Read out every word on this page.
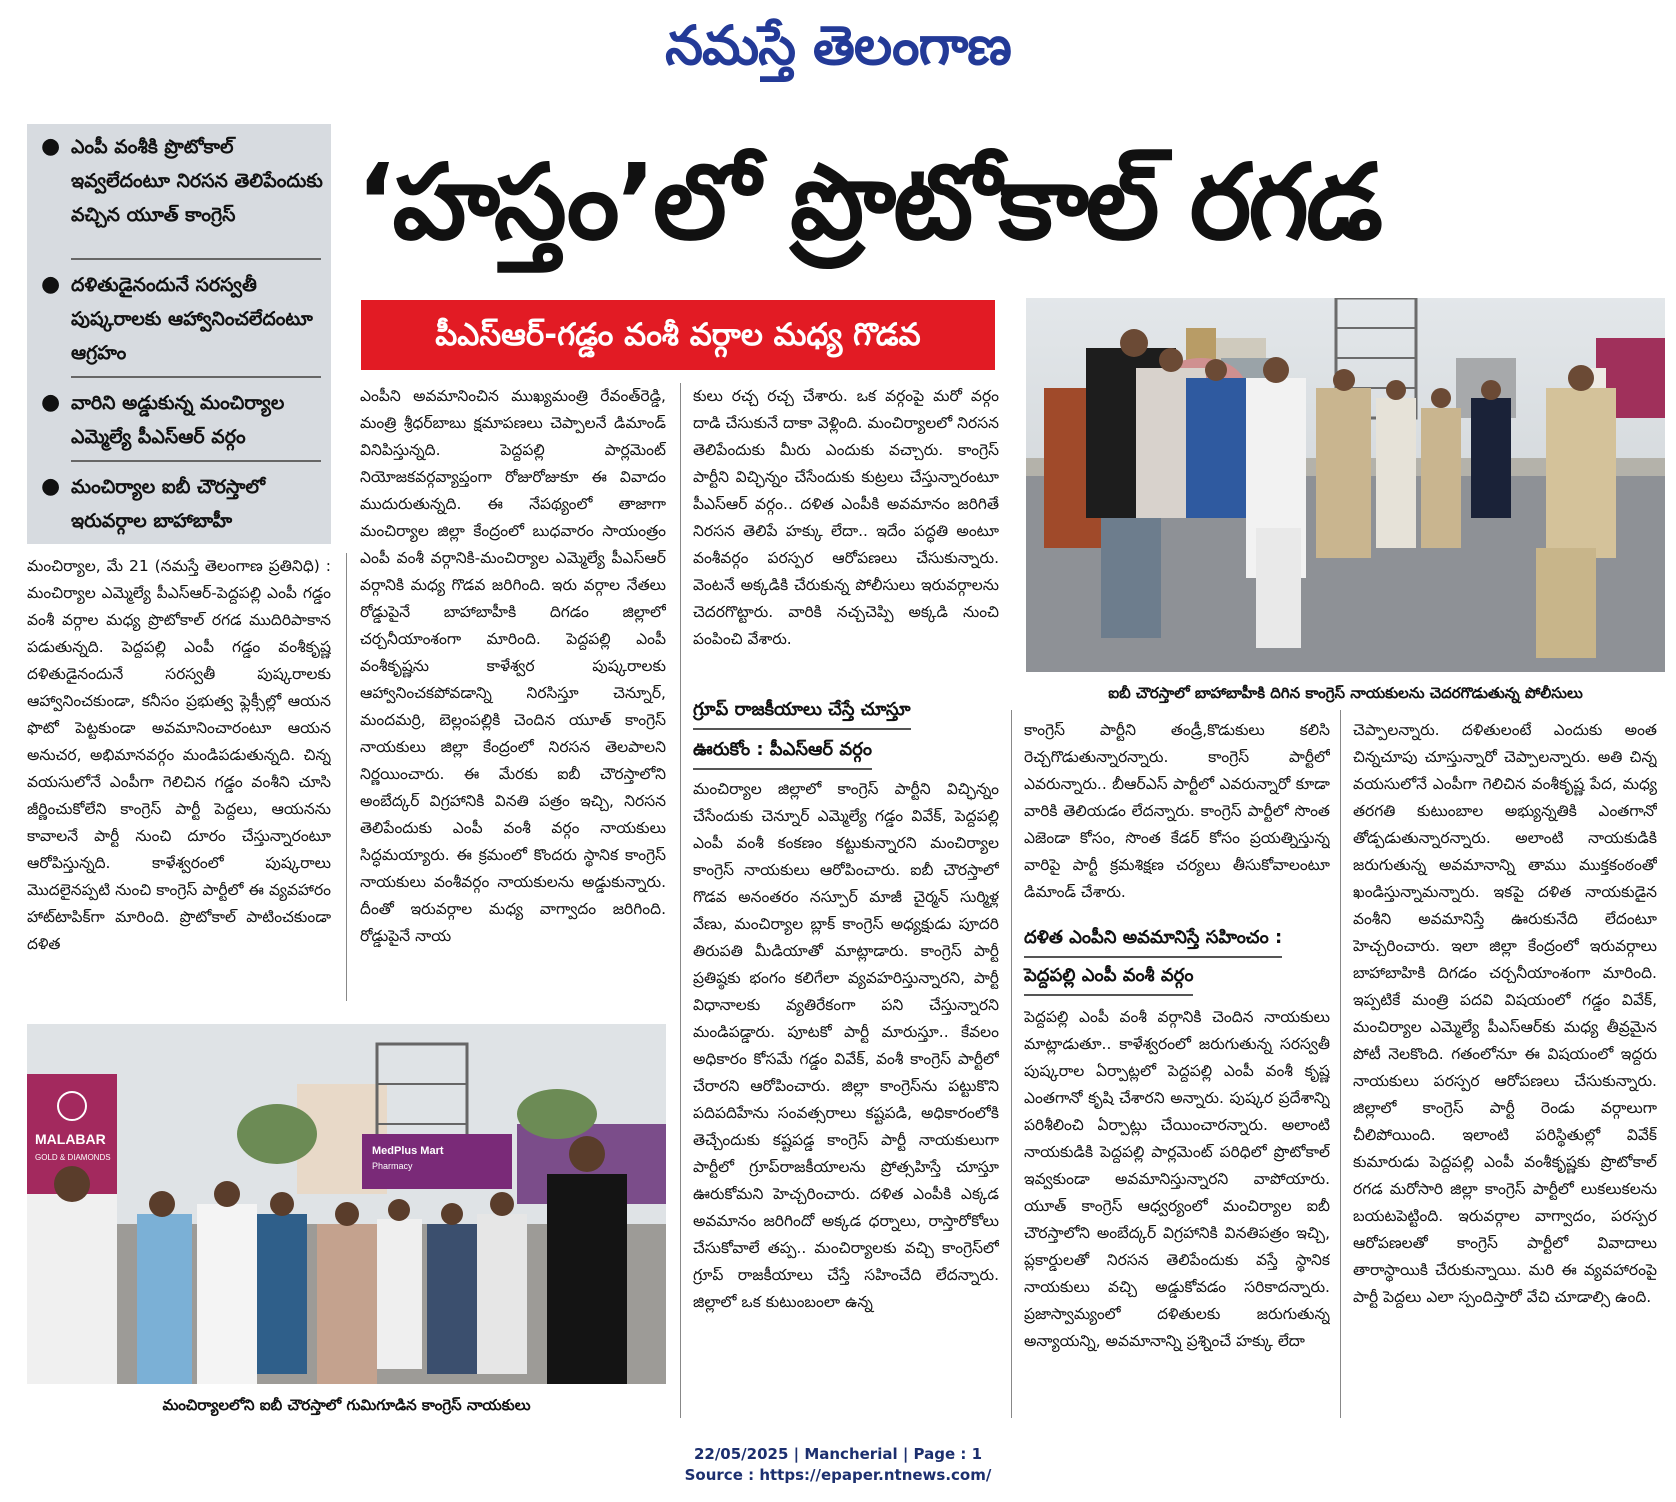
నమస్తే తెలంగాణ
● ఎంపీ వంశీకి ప్రొటోకాల్ ఇవ్వలేదంటూ నిరసన తెలిపేందుకు వచ్చిన యూత్ కాంగ్రెస్
● దళితుడైనందునే సరస్వతీ పుష్కరాలకు ఆహ్వానించలేదంటూ ఆగ్రహం
● వారిని అడ్డుకున్న మంచిర్యాల ఎమ్మెల్యే పీఎస్ఆర్ వర్గం
● మంచిర్యాల ఐబీ చౌరస్తాలో ఇరువర్గాల బాహాబాహీ
‘హస్తం’లో ప్రొటోకాల్ రగడ
పీఎస్ఆర్-గడ్డం వంశీ వర్గాల మధ్య గొడవ
ఐబీ చౌరస్తాలో బాహాబాహీకి దిగిన కాంగ్రెస్ నాయకులను చెదరగొడుతున్న పోలీసులు

మంచిర్యాల, మే 21 (నమస్తే తెలంగాణ ప్రతినిధి) : మంచిర్యాల ఎమ్మెల్యే పీఎస్ఆర్-పెద్దపల్లి ఎంపీ గడ్డం వంశీ వర్గాల మధ్య ప్రొటోకాల్ రగడ ముదిరిపాకాన పడుతున్నది. పెద్దపల్లి ఎంపీ గడ్డం వంశీకృష్ణ దళితుడైనందునే సరస్వతీ పుష్కరాలకు ఆహ్వానించకుండా, కనీసం ప్రభుత్వ ఫ్లెక్సీల్లో ఆయన ఫొటో పెట్టకుండా అవమానించారంటూ ఆయన అనుచర, అభిమానవర్గం మండిపడుతున్నది. చిన్న వయసులోనే ఎంపీగా గెలిచిన గడ్డం వంశీని చూసి జీర్ణించుకోలేని కాంగ్రెస్ పార్టీ పెద్దలు, ఆయనను కావాలనే పార్టీ నుంచి దూరం చేస్తున్నారంటూ ఆరోపిస్తున్నది. కాళేశ్వరంలో పుష్కరాలు మొదలైనప్పటి నుంచి కాంగ్రెస్ పార్టీలో ఈ వ్యవహారం హాట్‌టాపిక్‌గా మారింది. ప్రొటోకాల్ పాటించకుండా దళిత

ఎంపీని అవమానించిన ముఖ్యమంత్రి రేవంత్‌రెడ్డి, మంత్రి శ్రీధర్‌బాబు క్షమాపణలు చెప్పాలనే డిమాండ్ వినిపిస్తున్నది. పెద్దపల్లి పార్లమెంట్ నియోజకవర్గవ్యాప్తంగా రోజురోజుకూ ఈ వివాదం ముదురుతున్నది. ఈ నేపథ్యంలో తాజాగా మంచిర్యాల జిల్లా కేంద్రంలో బుధవారం సాయంత్రం ఎంపీ వంశీ వర్గానికి-మంచిర్యాల ఎమ్మెల్యే పీఎస్ఆర్ వర్గానికి మధ్య గొడవ జరిగింది. ఇరు వర్గాల నేతలు రోడ్డుపైనే బాహాబాహీకి దిగడం జిల్లాలో చర్చనీయాంశంగా మారింది. పెద్దపల్లి ఎంపీ వంశీకృష్ణను కాళేశ్వర పుష్కరాలకు ఆహ్వానించకపోవడాన్ని నిరసిస్తూ చెన్నూర్, మందమర్రి, బెల్లంపల్లికి చెందిన యూత్ కాంగ్రెస్ నాయకులు జిల్లా కేంద్రంలో నిరసన తెలపాలని నిర్ణయించారు. ఈ మేరకు ఐబీ చౌరస్తాలోని అంబేద్కర్ విగ్రహానికి వినతి పత్రం ఇచ్చి, నిరసన తెలిపేందుకు ఎంపీ వంశీ వర్గం నాయకులు సిద్ధమయ్యారు. ఈ క్రమంలో కొందరు స్థానిక కాంగ్రెస్ నాయకులు వంశీవర్గం నాయకులను అడ్డుకున్నారు. దీంతో ఇరువర్గాల మధ్య వాగ్వాదం జరిగింది. రోడ్డుపైనే నాయ

కులు రచ్చ రచ్చ చేశారు. ఒక వర్గంపై మరో వర్గం దాడి చేసుకునే దాకా వెళ్లింది. మంచిర్యాలలో నిరసన తెలిపేందుకు మీరు ఎందుకు వచ్చారు. కాంగ్రెస్ పార్టీని విచ్ఛిన్నం చేసేందుకు కుట్రలు చేస్తున్నారంటూ పీఎస్ఆర్ వర్గం.. దళిత ఎంపీకి అవమానం జరిగితే నిరసన తెలిపే హక్కు లేదా.. ఇదేం పద్ధతి అంటూ వంశీవర్గం పరస్పర ఆరోపణలు చేసుకున్నారు. వెంటనే అక్కడికి చేరుకున్న పోలీసులు ఇరువర్గాలను చెదరగొట్టారు. వారికి నచ్చచెప్పి అక్కడి నుంచి పంపించి వేశారు.

గ్రూప్ రాజకీయాలు చేస్తే చూస్తూ
ఊరుకోం : పీఎస్ఆర్ వర్గం

మంచిర్యాల జిల్లాలో కాంగ్రెస్ పార్టీని విచ్ఛిన్నం చేసేందుకు చెన్నూర్ ఎమ్మెల్యే గడ్డం వివేక్, పెద్దపల్లి ఎంపీ వంశీ కంకణం కట్టుకున్నారని మంచిర్యాల కాంగ్రెస్ నాయకులు ఆరోపించారు. ఐబీ చౌరస్తాలో గొడవ అనంతరం నస్పూర్ మాజీ చైర్మన్ సుర్మిళ్ల వేణు, మంచిర్యాల బ్లాక్ కాంగ్రెస్ అధ్యక్షుడు పూదరి తిరుపతి మీడియాతో మాట్లాడారు. కాంగ్రెస్ పార్టీ ప్రతిష్ఠకు భంగం కలిగేలా వ్యవహరిస్తున్నారని, పార్టీ విధానాలకు వ్యతిరేకంగా పని చేస్తున్నారని మండిపడ్డారు. పూటకో పార్టీ మారుస్తూ.. కేవలం అధికారం కోసమే గడ్డం వివేక్, వంశీ కాంగ్రెస్ పార్టీలో చేరారని ఆరోపించారు. జిల్లా కాంగ్రెస్‌ను పట్టుకొని పదిపదిహేను సంవత్సరాలు కష్టపడి, అధికారంలోకి తెచ్చేందుకు కష్టపడ్డ కాంగ్రెస్ పార్టీ నాయకులుగా పార్టీలో గ్రూప్‌రాజకీయాలను ప్రోత్సహిస్తే చూస్తూ ఊరుకోమని హెచ్చరించారు. దళిత ఎంపీకి ఎక్కడ అవమానం జరిగిందో అక్కడ ధర్నాలు, రాస్తారోకోలు చేసుకోవాలే తప్ప.. మంచిర్యాలకు వచ్చి కాంగ్రెస్‌లో గ్రూప్ రాజకీయాలు చేస్తే సహించేది లేదన్నారు. జిల్లాలో ఒక కుటుంబంలా ఉన్న

కాంగ్రెస్ పార్టీని తండ్రీ,కొడుకులు కలిసి రెచ్చగొడుతున్నారన్నారు. కాంగ్రెస్ పార్టీలో ఎవరున్నారు.. బీఆర్ఎస్ పార్టీలో ఎవరున్నారో కూడా వారికి తెలియడం లేదన్నారు. కాంగ్రెస్ పార్టీలో సొంత ఎజెండా కోసం, సొంత కేడర్ కోసం ప్రయత్నిస్తున్న వారిపై పార్టీ క్రమశిక్షణ చర్యలు తీసుకోవాలంటూ డిమాండ్ చేశారు.

దళిత ఎంపీని అవమానిస్తే సహించం :
పెద్దపల్లి ఎంపీ వంశీ వర్గం

పెద్దపల్లి ఎంపీ వంశీ వర్గానికి చెందిన నాయకులు మాట్లాడుతూ.. కాళేశ్వరంలో జరుగుతున్న సరస్వతీ పుష్కరాల ఏర్పాట్లలో పెద్దపల్లి ఎంపీ వంశీ కృష్ణ ఎంతగానో కృషి చేశారని అన్నారు. పుష్కర ప్రదేశాన్ని పరిశీలించి ఏర్పాట్లు చేయించారన్నారు. అలాంటి నాయకుడికి పెద్దపల్లి పార్లమెంట్ పరిధిలో ప్రొటోకాల్ ఇవ్వకుండా అవమానిస్తున్నారని వాపోయారు. యూత్ కాంగ్రెస్ ఆధ్వర్యంలో మంచిర్యాల ఐబీ చౌరస్తాలోని అంబేద్కర్ విగ్రహానికి వినతిపత్రం ఇచ్చి, ప్లకార్డులతో నిరసన తెలిపేందుకు వస్తే స్థానిక నాయకులు వచ్చి అడ్డుకోవడం సరికాదన్నారు. ప్రజాస్వామ్యంలో దళితులకు జరుగుతున్న అన్యాయన్ని, అవమానాన్ని ప్రశ్నించే హక్కు లేదా

చెప్పాలన్నారు. దళితులంటే ఎందుకు అంత చిన్నచూపు చూస్తున్నారో చెప్పాలన్నారు. అతి చిన్న వయసులోనే ఎంపీగా గెలిచిన వంశీకృష్ణ పేద, మధ్య తరగతి కుటుంబాల అభ్యున్నతికి ఎంతగానో తోడ్పడుతున్నారన్నారు. అలాంటి నాయకుడికి జరుగుతున్న అవమానాన్ని తాము ముక్తకంఠంతో ఖండిస్తున్నామన్నారు. ఇకపై దళిత నాయకుడైన వంశీని అవమానిస్తే ఊరుకునేది లేదంటూ హెచ్చరించారు. ఇలా జిల్లా కేంద్రంలో ఇరువర్గాలు బాహాబాహికి దిగడం చర్చనీయాంశంగా మారింది. ఇప్పటికే మంత్రి పదవి విషయంలో గడ్డం వివేక్, మంచిర్యాల ఎమ్మెల్యే పీఎస్ఆర్‌కు మధ్య తీవ్రమైన పోటీ నెలకొంది. గతంలోనూ ఈ విషయంలో ఇద్దరు నాయకులు పరస్పర ఆరోపణలు చేసుకున్నారు. జిల్లాలో కాంగ్రెస్ పార్టీ రెండు వర్గాలుగా చీలిపోయింది. ఇలాంటి పరిస్థితుల్లో వివేక్ కుమారుడు పెద్దపల్లి ఎంపీ వంశీకృష్ణకు ప్రొటోకాల్ రగడ మరోసారి జిల్లా కాంగ్రెస్ పార్టీలో లుకలుకలను బయటపెట్టింది. ఇరువర్గాల వాగ్వాదం, పరస్పర ఆరోపణలతో కాంగ్రెస్ పార్టీలో వివాదాలు తారాస్థాయికి చేరుకున్నాయి. మరి ఈ వ్యవహారంపై పార్టీ పెద్దలు ఎలా స్పందిస్తారో వేచి చూడాల్సి ఉంది.

MALABAR
GOLD & DIAMONDS
MedPlus Mart
Pharmacy
మంచిర్యాలలోని ఐబీ చౌరస్తాలో గుమిగూడిన కాంగ్రెస్ నాయకులు
22/05/2025 | Mancherial | Page : 1
Source : https://epaper.ntnews.com/
